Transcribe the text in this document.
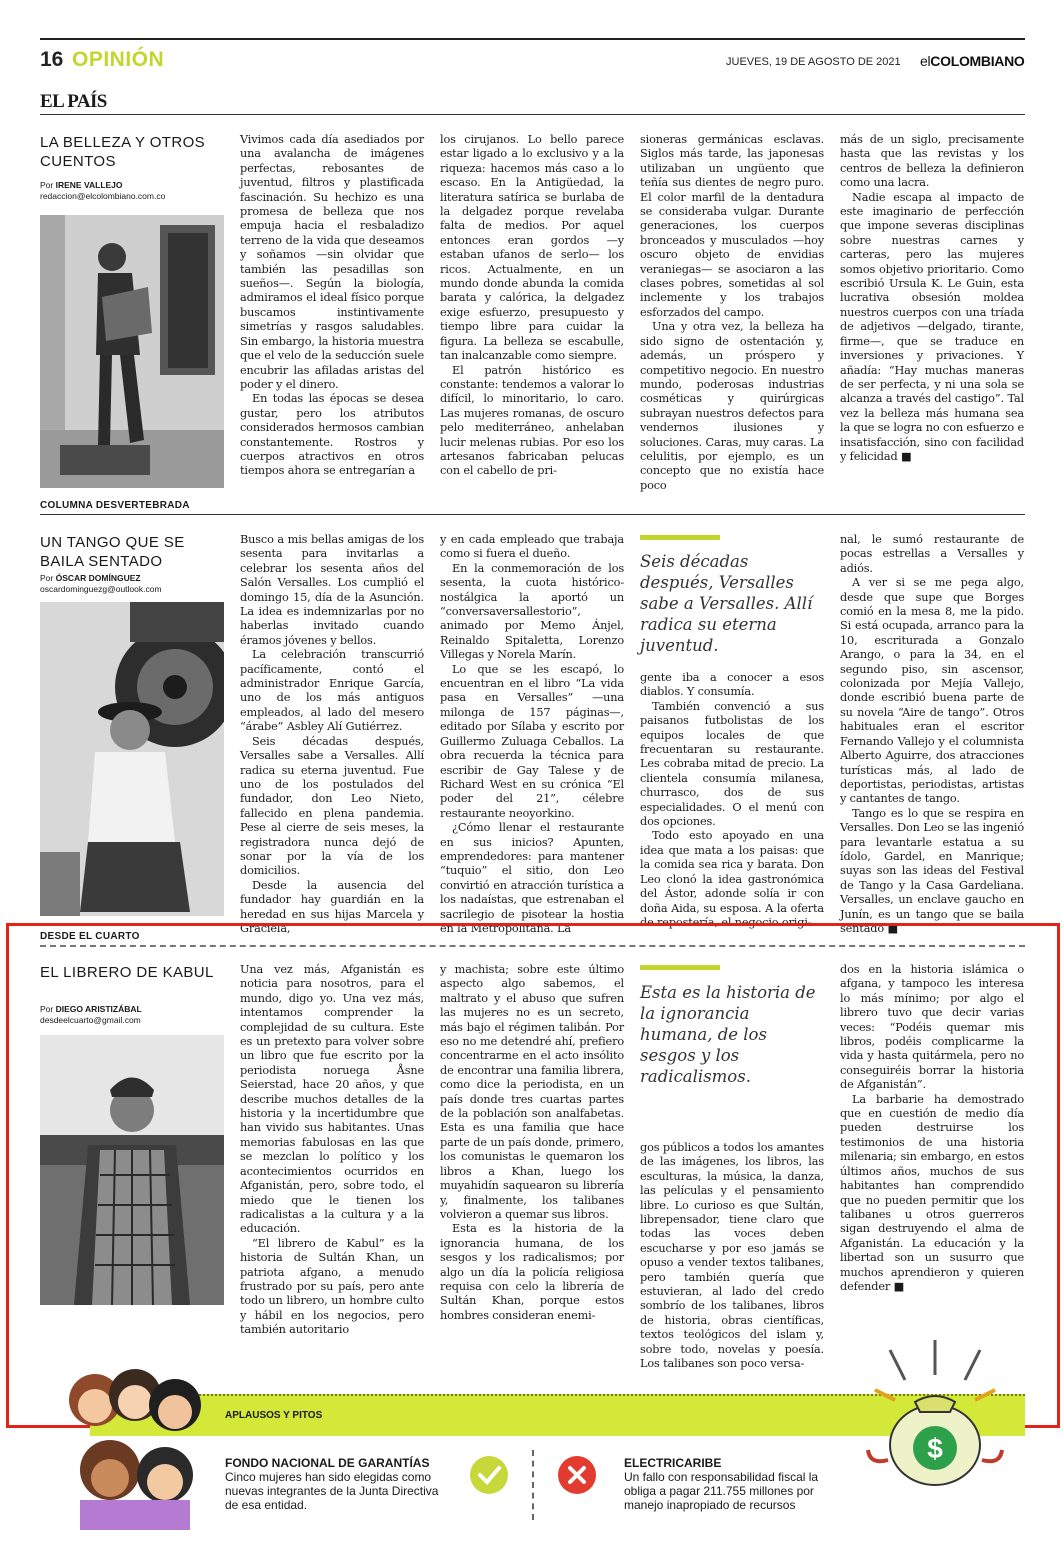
16 OPINIÓN	JUEVES, 19 DE AGOSTO DE 2021 elCOLOMBIANO
EL PAÍS
LA BELLEZA Y OTROS CUENTOS
Por IRENE VALLEJO
redaccion@elcolombiano.com.co

Vivimos cada día asediados por una avalancha de imágenes perfectas, rebosantes de juventud, filtros y plastificada fascinación. Su hechizo es una promesa de belleza que nos empuja hacia el resbaladizo terreno de la vida que deseamos y soñamos —sin olvidar que también las pesadillas son sueños—. Según la biología, admiramos el ideal físico porque buscamos instintivamente simetrías y rasgos saludables. Sin embargo, la historia muestra que el velo de la seducción suele encubrir las afiladas aristas del poder y el dinero.

En todas las épocas se desea gustar, pero los atributos considerados hermosos cambian constantemente. Rostros y cuerpos atractivos en otros tiempos ahora se entregarían a

los cirujanos. Lo bello parece estar ligado a lo exclusivo y a la riqueza: hacemos más caso a lo escaso. En la Antigüedad, la literatura satírica se burlaba de la delgadez porque revelaba falta de medios. Por aquel entonces eran gordos —y estaban ufanos de serlo— los ricos. Actualmente, en un mundo donde abunda la comida barata y calórica, la delgadez exige esfuerzo, presupuesto y tiempo libre para cuidar la figura. La belleza se escabulle, tan inalcanzable como siempre.

El patrón histórico es constante: tendemos a valorar lo difícil, lo minoritario, lo caro. Las mujeres romanas, de oscuro pelo mediterráneo, anhelaban lucir melenas rubias. Por eso los artesanos fabricaban pelucas con el cabello de pri-

sioneras germánicas esclavas. Siglos más tarde, las japonesas utilizaban un ungüento que teñía sus dientes de negro puro. El color marfil de la dentadura se consideraba vulgar. Durante generaciones, los cuerpos bronceados y musculados —hoy oscuro objeto de envidias veraniegas— se asociaron a las clases pobres, sometidas al sol inclemente y los trabajos esforzados del campo.

Una y otra vez, la belleza ha sido signo de ostentación y, además, un próspero y competitivo negocio. En nuestro mundo, poderosas industrias cosméticas y quirúrgicas subrayan nuestros defectos para vendernos ilusiones y soluciones. Caras, muy caras. La celulitis, por ejemplo, es un concepto que no existía hace poco

más de un siglo, precisamente hasta que las revistas y los centros de belleza la definieron como una lacra.

Nadie escapa al impacto de este imaginario de perfección que impone severas disciplinas sobre nuestras carnes y carteras, pero las mujeres somos objetivo prioritario. Como escribió Ursula K. Le Guin, esta lucrativa obsesión moldea nuestros cuerpos con una tríada de adjetivos —delgado, tirante, firme—, que se traduce en inversiones y privaciones. Y añadía: “Hay muchas maneras de ser perfecta, y ni una sola se alcanza a través del castigo”. Tal vez la belleza más humana sea la que se logra no con esfuerzo e insatisfacción, sino con facilidad y felicidad ■

COLUMNA DESVERTEBRADA
UN TANGO QUE SE BAILA SENTADO
Por ÓSCAR DOMÍNGUEZ
oscardominguezg@outlook.com

Busco a mis bellas amigas de los sesenta para invitarlas a celebrar los sesenta años del Salón Versalles. Los cumplió el domingo 15, día de la Asunción. La idea es indemnizarlas por no haberlas invitado cuando éramos jóvenes y bellos.

La celebración transcurrió pacíficamente, contó el administrador Enrique García, uno de los más antiguos empleados, al lado del mesero “árabe” Asbley Alí Gutiérrez.

Seis décadas después, Versalles sabe a Versalles. Allí radica su eterna juventud. Fue uno de los postulados del fundador, don Leo Nieto, fallecido en plena pandemia. Pese al cierre de seis meses, la registradora nunca dejó de sonar por la vía de los domicilios.

Desde la ausencia del fundador hay guardián en la heredad en sus hijas Marcela y Graciela,

y en cada empleado que trabaja como si fuera el dueño.

En la conmemoración de los sesenta, la cuota histórico-nostálgica la aportó un “conversaversallestorio”, animado por Memo Ánjel, Reinaldo Spitaletta, Lorenzo Villegas y Norela Marín.

Lo que se les escapó, lo encuentran en el libro “La vida pasa en Versalles” —una milonga de 157 páginas—, editado por Sílaba y escrito por Guillermo Zuluaga Ceballos. La obra recuerda la técnica para escribir de Gay Talese y de Richard West en su crónica “El poder del 21”, célebre restaurante neoyorkino.

¿Cómo llenar el restaurante en sus inicios? Apunten, emprendedores: para mantener “tuquio” el sitio, don Leo convirtió en atracción turística a los nadaístas, que estrenaban el sacrilegio de pisotear la hostia en la Metropolitana. La

Seis décadas después, Versalles sabe a Versalles. Allí radica su eterna juventud.

gente iba a conocer a esos diablos. Y consumía.

También convenció a sus paisanos futbolistas de los equipos locales de que frecuentaran su restaurante. Les cobraba mitad de precio. La clientela consumía milanesa, churrasco, dos de sus especialidades. O el menú con dos opciones.

Todo esto apoyado en una idea que mata a los paisas: que la comida sea rica y barata. Don Leo clonó la idea gastronómica del Ástor, adonde solía ir con doña Aida, su esposa. A la oferta de repostería, el negocio origi-

nal, le sumó restaurante de pocas estrellas a Versalles y adiós.

A ver si se me pega algo, desde que supe que Borges comió en la mesa 8, me la pido. Si está ocupada, arranco para la 10, escriturada a Gonzalo Arango, o para la 34, en el segundo piso, sin ascensor, colonizada por Mejía Vallejo, donde escribió buena parte de su novela “Aire de tango”. Otros habituales eran el escritor Fernando Vallejo y el columnista Alberto Aguirre, dos atracciones turísticas más, al lado de deportistas, periodistas, artistas y cantantes de tango.

Tango es lo que se respira en Versalles. Don Leo se las ingenió para levantarle estatua a su ídolo, Gardel, en Manrique; suyas son las ideas del Festival de Tango y la Casa Gardeliana. Versalles, un enclave gaucho en Junín, es un tango que se baila sentado ■

DESDE EL CUARTO
EL LIBRERO DE KABUL
Por DIEGO ARISTIZÁBAL
desdeelcuarto@gmail.com

Una vez más, Afganistán es noticia para nosotros, para el mundo, digo yo. Una vez más, intentamos comprender la complejidad de su cultura. Este es un pretexto para volver sobre un libro que fue escrito por la periodista noruega Åsne Seierstad, hace 20 años, y que describe muchos detalles de la historia y la incertidumbre que han vivido sus habitantes. Unas memorias fabulosas en las que se mezclan lo político y los acontecimientos ocurridos en Afganistán, pero, sobre todo, el miedo que le tienen los radicalistas a la cultura y a la educación.

“El librero de Kabul” es la historia de Sultán Khan, un patriota afgano, a menudo frustrado por su país, pero ante todo un librero, un hombre culto y hábil en los negocios, pero también autoritario

y machista; sobre este último aspecto algo sabemos, el maltrato y el abuso que sufren las mujeres no es un secreto, más bajo el régimen talibán. Por eso no me detendré ahí, prefiero concentrarme en el acto insólito de encontrar una familia librera, como dice la periodista, en un país donde tres cuartas partes de la población son analfabetas. Esta es una familia que hace parte de un país donde, primero, los comunistas le quemaron los libros a Khan, luego los muyahidín saquearon su librería y, finalmente, los talibanes volvieron a quemar sus libros.

Esta es la historia de la ignorancia humana, de los sesgos y los radicalismos; por algo un día la policía religiosa requisa con celo la librería de Sultán Khan, porque estos hombres consideran enemi-

Esta es la historia de la ignorancia humana, de los sesgos y los radicalismos.

gos públicos a todos los amantes de las imágenes, los libros, las esculturas, la música, la danza, las películas y el pensamiento libre. Lo curioso es que Sultán, librepensador, tiene claro que todas las voces deben escucharse y por eso jamás se opuso a vender textos talibanes, pero también quería que estuvieran, al lado del credo sombrío de los talibanes, libros de historia, obras científicas, textos teológicos del islam y, sobre todo, novelas y poesía. Los talibanes son poco versa-

dos en la historia islámica o afgana, y tampoco les interesa lo más mínimo; por algo el librero tuvo que decir varias veces: “Podéis quemar mis libros, podéis complicarme la vida y hasta quitármela, pero no conseguiréis borrar la historia de Afganistán”.

La barbarie ha demostrado que en cuestión de medio día pueden destruirse los testimonios de una historia milenaria; sin embargo, en estos últimos años, muchos de sus habitantes han comprendido que no pueden permitir que los talibanes u otros guerreros sigan destruyendo el alma de Afganistán. La educación y la libertad son un susurro que muchos aprendieron y quieren defender ■

APLAUSOS Y PITOS
$
FONDO NACIONAL DE GARANTÍAS
Cinco mujeres han sido elegidas como nuevas integrantes de la Junta Directiva de esa entidad.
ELECTRICARIBE
Un fallo con responsabilidad fiscal la obliga a pagar 211.755 millones por manejo inapropiado de recursos
